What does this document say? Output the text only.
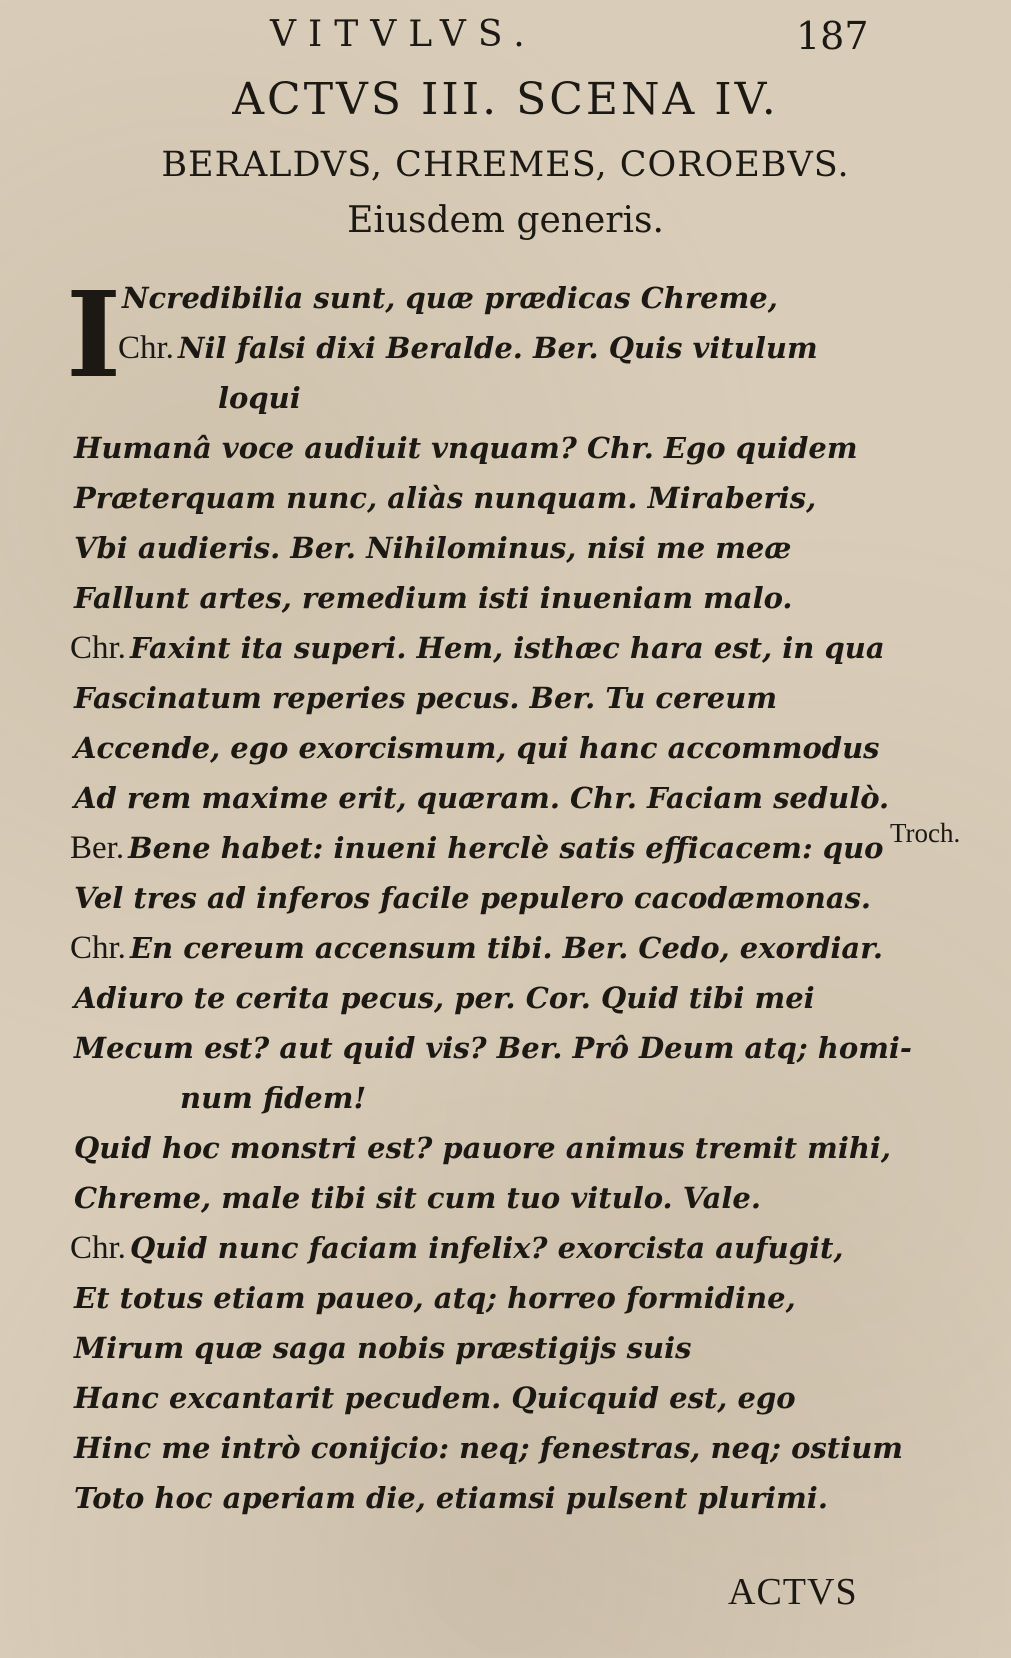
VITVLVS.	187
ACTVS III. SCENA IV.
BERALDVS, CHREMES, COROEBVS.
Eiusdem generis.
I Ncredibilia sunt, quæ prædicas Chreme,
Chr. Nil falsi dixi Beralde. Ber. Quis vitulum
loqui
Humanâ voce audiuit vnquam? Chr. Ego quidem
Præterquam nunc, aliàs nunquam. Miraberis,
Vbi audieris. Ber. Nihilominus, nisi me meæ
Fallunt artes, remedium isti inueniam malo.
Chr. Faxint ita superi. Hem, isthæc hara est, in qua
Fascinatum reperies pecus. Ber. Tu cereum
Accende, ego exorcismum, qui hanc accommodus
Ad rem maxime erit, quæram. Chr. Faciam sedulò.
Ber. Bene habet: inueni herclè satis efficacem: quo
Vel tres ad inferos facile pepulero cacodæmonas.
Chr. En cereum accensum tibi. Ber. Cedo, exordiar.
Adiuro te cerita pecus, per. Cor. Quid tibi mei
Mecum est? aut quid vis? Ber. Prô Deum atq; homi-
num fidem!
Quid hoc monstri est? pauore animus tremit mihi,
Chreme, male tibi sit cum tuo vitulo. Vale.
Chr. Quid nunc faciam infelix? exorcista aufugit,
Et totus etiam paueo, atq; horreo formidine,
Mirum quæ saga nobis præstigijs suis
Hanc excantarit pecudem. Quicquid est, ego
Hinc me intrò conijcio: neq; fenestras, neq; ostium
Toto hoc aperiam die, etiamsi pulsent plurimi.
Troch.
ACTVS
